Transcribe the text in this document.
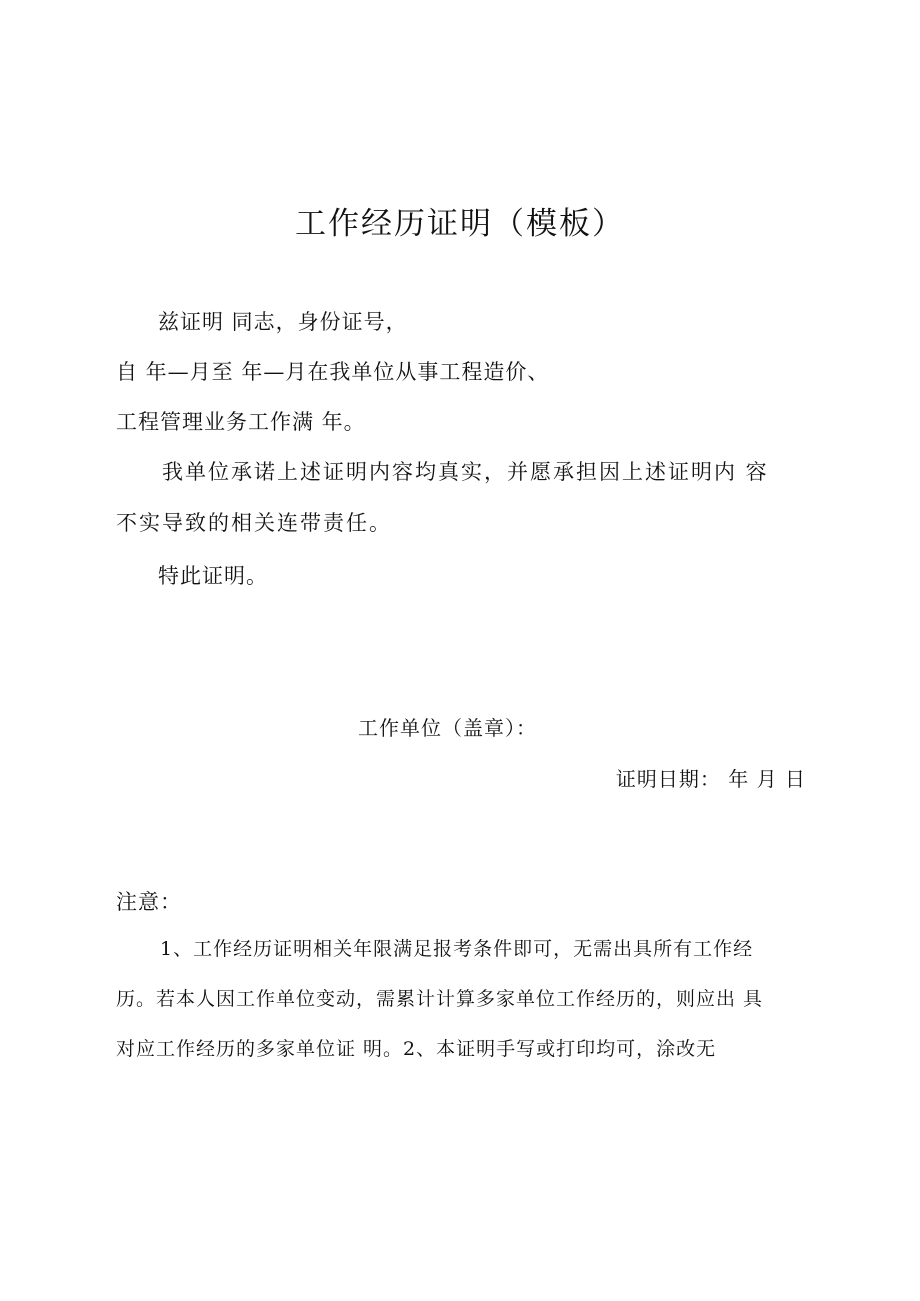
工作经历证明（模板）
兹证明 同志，身份证号，
自 年—月至 年—月在我单位从事工程造价、
工程管理业务工作满 年。
我单位承诺上述证明内容均真实，并愿承担因上述证明内 容
不实导致的相关连带责任。
特此证明。
工作单位（盖章）：
证明日期： 年 月 日
注意：
1、工作经历证明相关年限满足报考条件即可，无需出具所有工作经
历。若本人因工作单位变动，需累计计算多家单位工作经历的，则应出 具
对应工作经历的多家单位证 明。2、本证明手写或打印均可，涂改无
